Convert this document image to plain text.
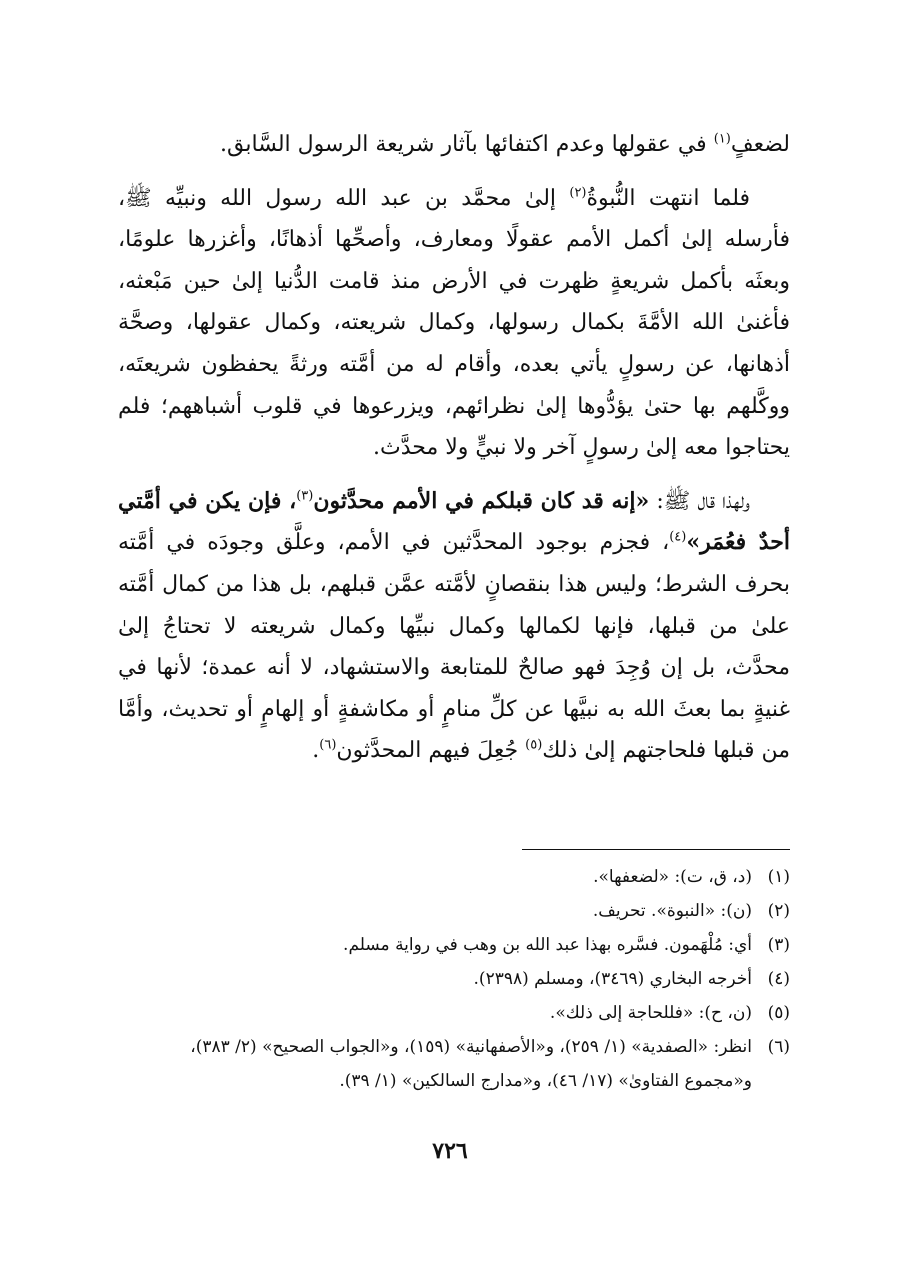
لضعفٍ$^{(١)}$ في عقولها وعدم اكتفائها بآثار شريعة الرسول السَّابق.

فلما انتهت النُّبوةُ$^{(٢)}$ إلىٰ محمَّد بن عبد الله رسول الله ونبيِّه ﷺ، فأرسله إلىٰ أكمل الأمم عقولًا ومعارف، وأصحِّها أذهانًا، وأغزرها علومًا، وبعثَه بأكمل شريعةٍ ظهرت في الأرض منذ قامت الدُّنيا إلىٰ حين مَبْعثه، فأغنىٰ الله الأمَّةَ بكمال رسولها، وكمال شريعته، وكمال عقولها، وصحَّة أذهانها، عن رسولٍ يأتي بعده، وأقام له من أمَّته ورثةً يحفظون شريعتَه، ووكَّلهم بها حتىٰ يؤدُّوها إلىٰ نظرائهم، ويزرعوها في قلوب أشباههم؛ فلم يحتاجوا معه إلىٰ رسولٍ آخر ولا نبيٍّ ولا محدَّث.

ولهذا قال ﷺ: «إنه قد كان قبلكم في الأمم محدَّثون$^{(٣)}$، فإن يكن في أمَّتي أحدٌ فعُمَر»$^{(٤)}$، فجزم بوجود المحدَّثين في الأمم، وعلَّق وجودَه في أمَّته بحرف الشرط؛ وليس هذا بنقصانٍ لأمَّته عمَّن قبلهم، بل هذا من كمال أمَّته علىٰ من قبلها، فإنها لكمالها وكمال نبيِّها وكمال شريعته لا تحتاجُ إلىٰ محدَّث، بل إن وُجِدَ فهو صالحٌ للمتابعة والاستشهاد، لا أنه عمدة؛ لأنها في غنيةٍ بما بعثَ الله به نبيَّها عن كلِّ منامٍ أو مكاشفةٍ أو إلهامٍ أو تحديث، وأمَّا من قبلها فلحاجتهم إلىٰ ذلك$^{(٥)}$ جُعِلَ فيهم المحدَّثون$^{(٦)}$.

(١)(د، ق، ت): «لضعفها».

(٢)(ن): «النبوة». تحريف.

(٣)أي: مُلْهَمون. فسَّره بهذا عبد الله بن وهب في رواية مسلم.

(٤)أخرجه البخاري (٣٤٦٩)، ومسلم (٢٣٩٨).

(٥)(ن، ح): «فللحاجة إلى ذلك».

(٦)انظر: «الصفدية» (١/ ٢٥٩)، و«الأصفهانية» (١٥٩)، و«الجواب الصحيح» (٢/ ٣٨٣)، و«مجموع الفتاوىٰ» (١٧/ ٤٦)، و«مدارج السالكين» (١/ ٣٩).

٧٢٦
